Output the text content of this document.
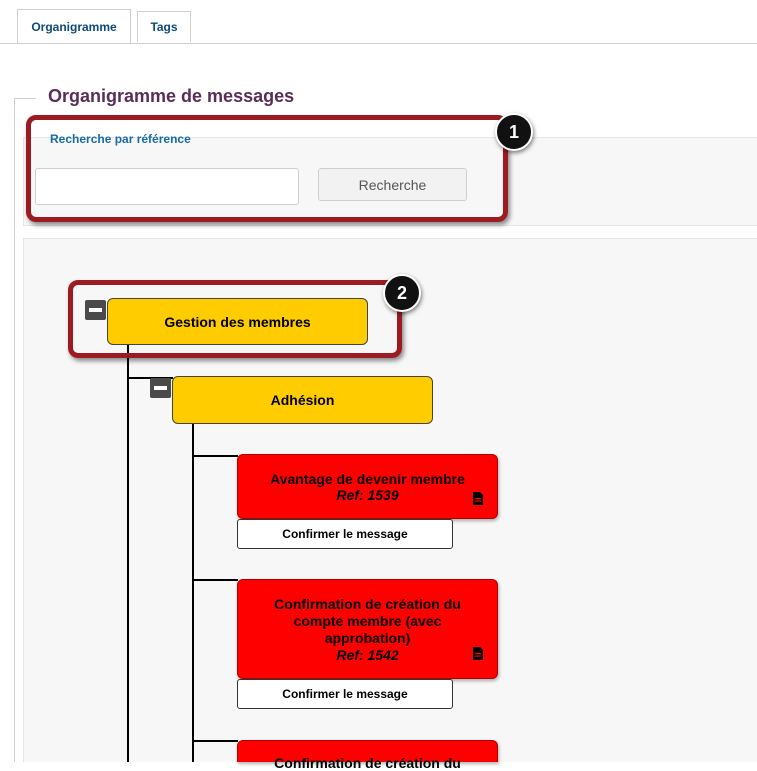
Organigramme	Tags
Organigramme de messages
Recherche par référence
Recherche
Gestion des membres
Adhésion
Avantage de devenir membre
Ref: 1539
Confirmer le message
Confirmation de création du compte membre (avec approbation)
Ref: 1542
Confirmer le message
Confirmation de création du
1
2
